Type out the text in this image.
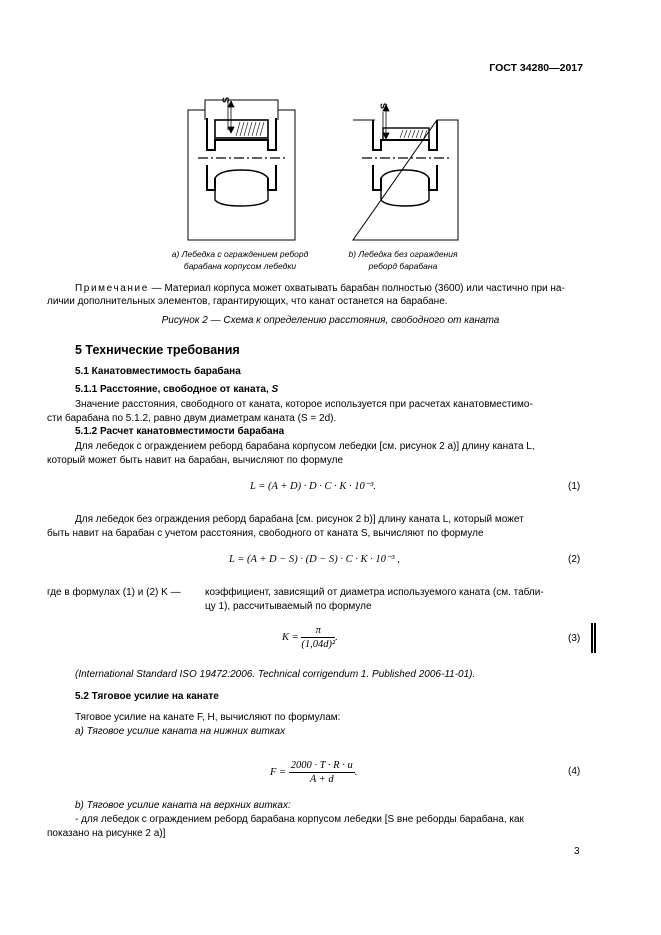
ГОСТ 34280—2017
S
S
a) Лебедка с ограждением реборд
барабана корпусом лебедки
b) Лебедка без ограждения
реборд барабана
Примечание — Материал корпуса может охватывать барабан полностью (3600) или частично при на-
личии дополнительных элементов, гарантирующих, что канат останется на барабане.
Рисунок 2 — Схема к определению расстояния, свободного от каната
5 Технические требования
5.1 Канатовместимость барабана
5.1.1 Расстояние, свободное от каната, S
Значение расстояния, свободного от каната, которое используется при расчетах канатовместимо-
сти барабана по 5.1.2, равно двум диаметрам каната (S = 2d).
5.1.2 Расчет канатовместимости барабана
Для лебедок с ограждением реборд барабана корпусом лебедки [см. рисунок 2 a)] длину каната L,
который может быть навит на барабан, вычисляют по формуле
L = (A + D) · D · C · K · 10⁻³.	(1)
Для лебедок без ограждения реборд барабана [см. рисунок 2 b)] длину каната L, который может
быть навит на барабан с учетом расстояния, свободного от каната S, вычисляют по формуле
L = (A + D − S) · (D − S) · C · K · 10⁻³ ,	(2)
где в формулах (1) и (2) K — коэффициент, зависящий от диаметра используемого каната (см. табли-
цу 1), рассчитываемый по формуле
$K = \frac{\pi}{\text{(1,04d)²}}$ .	(3)
(International Standard ISO 19472:2006. Technical corrigendum 1. Published 2006-11-01).
5.2 Тяговое усилие на канате
Тяговое усилие на канате F, Н, вычисляют по формулам:
a) Тяговое усилие каната на нижних витках
$F = \frac{2000 \cdot T \cdot R \cdot u}{A + d}$ .	(4)
b) Тяговое усилие каната на верхних витках:
- для лебедок с ограждением реборд барабана корпусом лебедки [S вне реборды барабана, как
показано на рисунке 2 a)]
3
